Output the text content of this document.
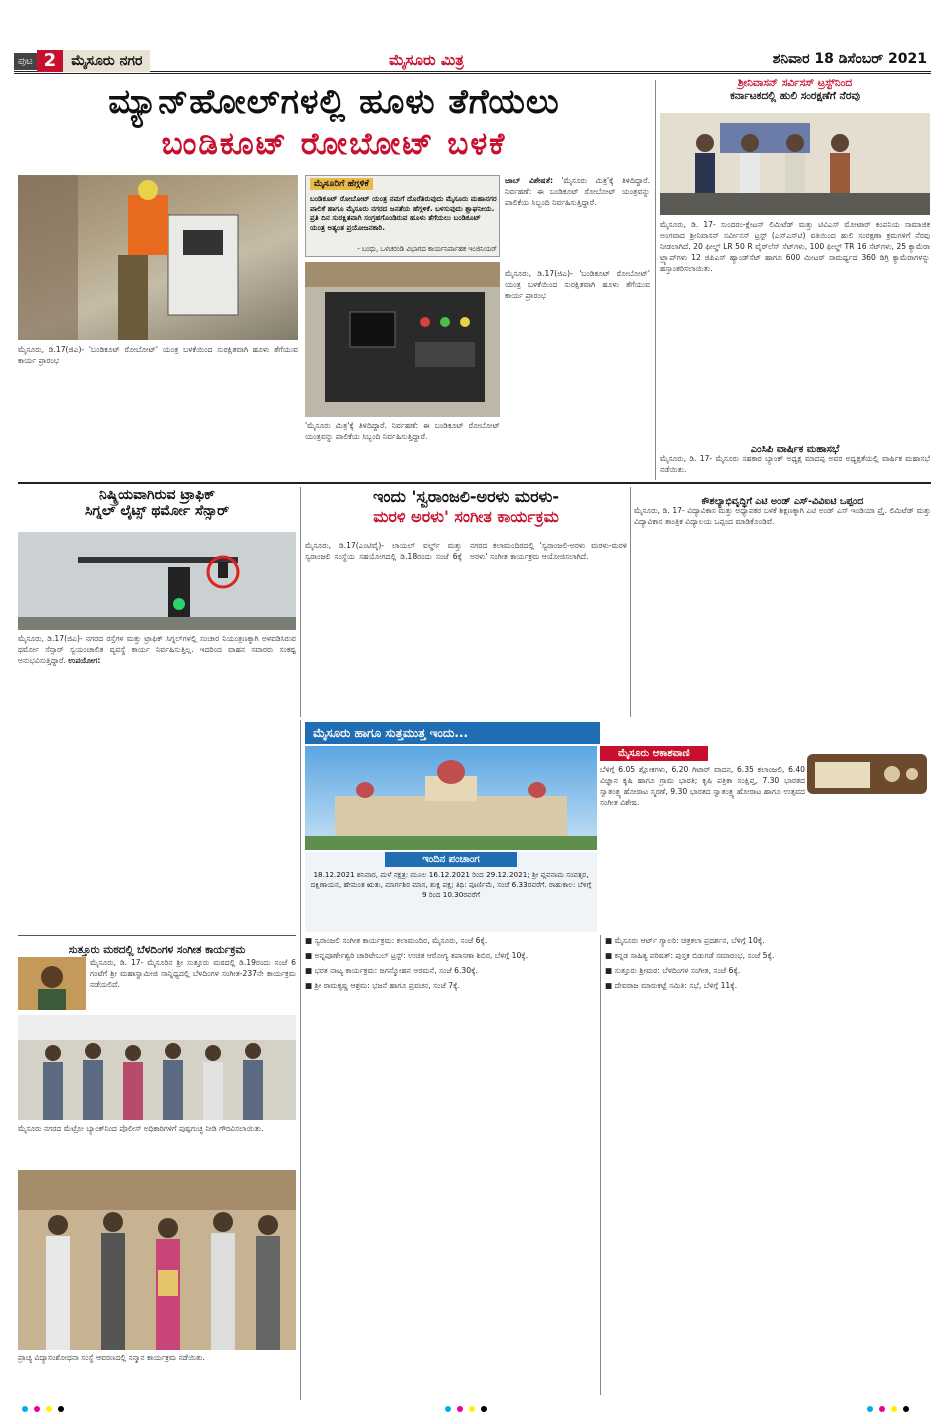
ಪುಟ 2	ಮೈಸೂರು ನಗರ	ಮೈಸೂರು ಮಿತ್ರ	ಶನಿವಾರ 18 ಡಿಸೆಂಬರ್ 2021
ಮ್ಯಾನ್‌ಹೋಲ್‌ಗಳಲ್ಲಿ ಹೂಳು ತೆಗೆಯಲು
ಬಂಡಿಕೂಟ್ ರೋಬೋಟ್ ಬಳಕೆ
ಮೈಸೂರಿಗೆ ಹೆಗ್ಗಳಿಕೆ
ಬಂಡಿಕೂಟ್ ರೋಬೋಟ್ ಯಂತ್ರ ನಮಗೆ ದೊರೆತಿರುವುದು ಮೈಸೂರು ಮಹಾನಗರ ಪಾಲಿಕೆ ಹಾಗೂ ಮೈಸೂರು ನಗರದ ಜನತೆಯ ಹೆಗ್ಗಳಿಕೆ. ಬಳಸುವುದು ಶ್ಲಾಘನೀಯ. ಪ್ರತಿ ದಿನ ಸುರಕ್ಷಿತವಾಗಿ ಸಂಗ್ರಹಗೊಂಡಿರುವ ಹೂಳು ತೆಗೆಯಲು ಬಂಡಿಕೂಟ್ ಯಂತ್ರ ಅತ್ಯಂತ ಪ್ರಯೋಜನಕಾರಿ.
- ಬಂಧು, ಒಳಚರಂಡಿ ವಿಭಾಗದ ಕಾರ್ಯನಿರ್ವಾಹಕ ಇಂಜಿನಿಯರ್
ಜಾಬ್ ವಿಶೇಷತೆ: 'ಮೈಸೂರು ಮಿತ್ರ'ಕ್ಕೆ ತಿಳಿದಿದ್ದಾರೆ. ನಿರ್ವಹಣೆ: ಈ ಬಂಡಿಕೂಟ್ ರೋಬೋಟ್ ಯಂತ್ರವನ್ನು ಪಾಲಿಕೆಯ ಸಿಬ್ಬಂದಿ ನಿರ್ವಹಿಸುತ್ತಿದ್ದಾರೆ.
ಮೈಸೂರು, ಡಿ.17(ಜಿಎ)- 'ಬಂಡಿಕೂಟ್ ರೋಬೋಟ್' ಯಂತ್ರ ಬಳಕೆಯಿಂದ ಸುರಕ್ಷಿತವಾಗಿ ಹೂಳು ತೆಗೆಯುವ ಕಾರ್ಯ ಪ್ರಾರಂಭ
ಮೈಸೂರು, ಡಿ.17(ಜಿಎ)- 'ಬಂಡಿಕೂಟ್ ರೋಬೋಟ್' ಯಂತ್ರ ಬಳಕೆಯಿಂದ ಸುರಕ್ಷಿತವಾಗಿ ಹೂಳು ತೆಗೆಯುವ ಕಾರ್ಯ ಪ್ರಾರಂಭ
'ಮೈಸೂರು ಮಿತ್ರ'ಕ್ಕೆ ತಿಳಿದಿದ್ದಾರೆ. ನಿರ್ವಹಣೆ: ಈ ಬಂಡಿಕೂಟ್ ರೋಬೋಟ್ ಯಂತ್ರವನ್ನು ಪಾಲಿಕೆಯ ಸಿಬ್ಬಂದಿ ನಿರ್ವಹಿಸುತ್ತಿದ್ದಾರೆ.
ಶ್ರೀನಿವಾಸನ್ ಸರ್ವಿಸಸ್ ಟ್ರಸ್ಟ್‌ನಿಂದ
ಕರ್ನಾಟಕದಲ್ಲಿ ಹುಲಿ ಸಂರಕ್ಷಣೆಗೆ ನೆರವು
ಮೈಸೂರು, ಡಿ. 17- ಸುಂದರಂ-ಕ್ಲೇಟನ್ ಲಿಮಿಟೆಡ್ ಮತ್ತು ಟಿವಿಎಸ್ ಮೋಟಾರ್ ಕಂಪನಿಯ ಸಾಮಾಜಿಕ ಅಂಗವಾದ ಶ್ರೀನಿವಾಸನ್ ಸರ್ವೀಸಸ್ ಟ್ರಸ್ಟ್ (ಎಸ್‌ಎಸ್‌ಟಿ) ವತಿಯಿಂದ ಹುಲಿ ಸಂರಕ್ಷಣಾ ಕ್ರಮಗಳಿಗೆ ನೆರವು ನೀಡಲಾಗಿದೆ. 20 ಫೀಲ್ಡ್ LR 50 R ವೈರ್‌ಲೆಸ್ ಸೆಟ್‌ಗಳು, 100 ಫೀಲ್ಡ್ TR 16 ಸೆಟ್‌ಗಳು, 25 ಕ್ಯಾಮೆರಾ ಟ್ರ್ಯಾಪ್‌ಗಳು 12 ಜಿಪಿಎಸ್ ಹ್ಯಾಂಡ್‌ಸೆಟ್ ಹಾಗೂ 600 ಮೀಟರ್ ಸಾಮರ್ಥ್ಯದ 360 ಡಿಗ್ರಿ ಕ್ಯಾಮೆರಾಗಳನ್ನು ಹಸ್ತಾಂತರಿಸಲಾಯಿತು.
ಎಂಸಿಪಿ ವಾರ್ಷಿಕ ಮಹಾಸಭೆ
ಮೈಸೂರು, ಡಿ. 17- ಮೈಸೂರು ಸಹಕಾರ ಬ್ಯಾಂಕ್ ಅಧ್ಯಕ್ಷ ಮಾದಪ್ಪ ಅವರ ಅಧ್ಯಕ್ಷತೆಯಲ್ಲಿ ವಾರ್ಷಿಕ ಮಹಾಸಭೆ ನಡೆಯಿತು.
ನಿಷ್ಕ್ರಿಯವಾಗಿರುವ ಟ್ರಾಫಿಕ್
ಸಿಗ್ನಲ್ ಲೈಟ್ಸ್ ಥರ್ಮೋ ಸೆನ್ಸಾರ್
ಮೈಸೂರು, ಡಿ.17(ಜಿಎ)- ನಗರದ ರಸ್ತೆಗಳ ಮತ್ತು ಟ್ರಾಫಿಕ್ ಸಿಗ್ನಲ್‌ಗಳಲ್ಲಿ ಸಂಚಾರ ನಿಯಂತ್ರಣಕ್ಕಾಗಿ ಅಳವಡಿಸಿರುವ ಥರ್ಮೋ ಸೆನ್ಸಾರ್ ಸ್ವಯಂಚಾಲಿತ ವ್ಯವಸ್ಥೆ ಕಾರ್ಯ ನಿರ್ವಹಿಸುತ್ತಿಲ್ಲ. ಇದರಿಂದ ವಾಹನ ಸವಾರರು ಸಂಕಷ್ಟ ಅನುಭವಿಸುತ್ತಿದ್ದಾರೆ. ಉಪಯೋಗ:
ಇಂದು 'ಸ್ವರಾಂಜಲಿ-ಅರಳು ಮರಳು-
ಮರಳಿ ಅರಳು' ಸಂಗೀತ ಕಾರ್ಯಕ್ರಮ
ಮೈಸೂರು, ಡಿ.17(ಎಂಟಿವೈ)- ಲಾಯಲ್ ವರ್ಲ್ಡ್ ಮತ್ತು ಸ್ವರಾಂಜಲಿ ಸಂಸ್ಥೆಯ ಸಹಯೋಗದಲ್ಲಿ ಡಿ.18ರಂದು ಸಂಜೆ 6ಕ್ಕೆ ನಗರದ ಕಲಾಮಂದಿರದಲ್ಲಿ 'ಸ್ವರಾಂಜಲಿ-ಅರಳು ಮರಳು-ಮರಳಿ ಅರಳು' ಸಂಗೀತ ಕಾರ್ಯಕ್ರಮ ಆಯೋಜಿಸಲಾಗಿದೆ.
ಕೌಶಲ್ಯಾಭಿವೃದ್ಧಿಗೆ ಎಟಿ ಅಂಡ್ ಎಸ್-ವಿವಿಐಟಿ ಒಪ್ಪಂದ
ಮೈಸೂರು, ಡಿ. 17- ವಿದ್ಯಾವಿಕಾಸ ಮತ್ತು ಅಧ್ಯಾಪಕರ ಬಳಕೆ ಶಿಕ್ಷಣಕ್ಕಾಗಿ ಎಟಿ ಅಂಡ್ ಎಸ್ ಇಂಡಿಯಾ ಪ್ರೈ. ಲಿಮಿಟೆಡ್ ಮತ್ತು ವಿದ್ಯಾವಿಕಾಸ ತಾಂತ್ರಿಕ ವಿದ್ಯಾಲಯ ಒಪ್ಪಂದ ಮಾಡಿಕೊಂಡಿವೆ.
ಸುತ್ತೂರು ಮಠದಲ್ಲಿ ಬೆಳದಿಂಗಳ ಸಂಗೀತ ಕಾರ್ಯಕ್ರಮ
ಮೈಸೂರು, ಡಿ. 17- ಮೈಸೂರಿನ ಶ್ರೀ ಸುತ್ತೂರು ಮಠದಲ್ಲಿ ಡಿ.19ರಂದು ಸಂಜೆ 6 ಗಂಟೆಗೆ ಶ್ರೀ ಮಹಾಸ್ವಾಮೀಜಿ ಸಾನ್ನಿಧ್ಯದಲ್ಲಿ ಬೆಳದಿಂಗಳ ಸಂಗೀತ-237ನೇ ಕಾರ್ಯಕ್ರಮ ನಡೆಯಲಿದೆ.
ಮೈಸೂರು ನಗರದ ಮೆಟ್ರೋ ಬ್ಯಾಂಕ್‌ನಿಂದ ಪೊಲೀಸ್ ಅಧಿಕಾರಿಗಳಿಗೆ ಪುಷ್ಪಗುಚ್ಛ ನೀಡಿ ಗೌರವಿಸಲಾಯಿತು.
ಪ್ರಾಚ್ಯ ವಿದ್ಯಾಸಂಶೋಧನಾ ಸಂಸ್ಥೆ ಆವರಣದಲ್ಲಿ ಸನ್ಮಾನ ಕಾರ್ಯಕ್ರಮ ನಡೆಯಿತು.
ಮೈಸೂರು ಹಾಗೂ ಸುತ್ತಮುತ್ತ ಇಂದು...
ಮೈಸೂರು ಆಕಾಶವಾಣಿ
ಬೆಳಿಗ್ಗೆ 6.05 ಶ್ಲೋಕಗಳು, 6.20 ಗಿಟಾರ್ ವಾದನ, 6.35 ಕಲಾಂಜಲಿ, 6.40 ವಿಜ್ಞಾನ ಕೃಷಿ ಹಾಗೂ ಗ್ರಾಮ ಭಾರತಿ; ಕೃಷಿ ಪತ್ರಿಕಾ ಸಂಕ್ಷಿಪ್ತ, 7.30 ಭಾರತದ ಸ್ವಾತಂತ್ರ್ಯ ಹೋರಾಟ ಸ್ಮರಣೆ, 9.30 ಭಾರತದ ಸ್ವಾತಂತ್ರ್ಯ ಹೋರಾಟ ಹಾಗೂ ಉತ್ಸವದ ಸಂಗೀತ ವಿಶೇಷ.
ಇಂದಿನ ಪಂಚಾಂಗ
18.12.2021 ಶನಿವಾರ, ಮಳೆ ನಕ್ಷತ್ರ: ಮೂಲ 16.12.2021 ರಿಂದ 29.12.2021; ಶ್ರೀ ಪ್ಲವನಾಮ ಸಂವತ್ಸರ, ದಕ್ಷಿಣಾಯನ, ಹೇಮಂತ ಋತು, ಮಾರ್ಗಶಿರ ಮಾಸ, ಶುಕ್ಲ ಪಕ್ಷ; ತಿಥಿ: ಪೂರ್ಣಿಮೆ, ಸಂಜೆ 6.33ರವರೆಗೆ. ರಾಹುಕಾಲ: ಬೆಳಿಗ್ಗೆ 9 ರಿಂದ 10.30ರವರೆಗೆ
■ ಸ್ವರಾಂಜಲಿ ಸಂಗೀತ ಕಾರ್ಯಕ್ರಮ: ಕಲಾಮಂದಿರ, ಮೈಸೂರು, ಸಂಜೆ 6ಕ್ಕೆ.
■ ಅನ್ನಪೂರ್ಣೇಶ್ವರಿ ಚಾರಿಟೇಬಲ್ ಟ್ರಸ್ಟ್: ಉಚಿತ ಆರೋಗ್ಯ ತಪಾಸಣಾ ಶಿಬಿರ, ಬೆಳಿಗ್ಗೆ 10ಕ್ಕೆ.
■ ಭರತ ನಾಟ್ಯ ಕಾರ್ಯಕ್ರಮ: ಜಗನ್ಮೋಹನ ಅರಮನೆ, ಸಂಜೆ 6.30ಕ್ಕೆ.
■ ಶ್ರೀ ರಾಮಕೃಷ್ಣ ಆಶ್ರಮ: ಭಜನೆ ಹಾಗೂ ಪ್ರವಚನ, ಸಂಜೆ 7ಕ್ಕೆ.
■ ಮೈಸೂರು ಆರ್ಟ್ ಗ್ಯಾಲರಿ: ಚಿತ್ರಕಲಾ ಪ್ರದರ್ಶನ, ಬೆಳಿಗ್ಗೆ 10ಕ್ಕೆ.
■ ಕನ್ನಡ ಸಾಹಿತ್ಯ ಪರಿಷತ್: ಪುಸ್ತಕ ಬಿಡುಗಡೆ ಸಮಾರಂಭ, ಸಂಜೆ 5ಕ್ಕೆ.
■ ಸುತ್ತೂರು ಶ್ರೀಮಠ: ಬೆಳದಿಂಗಳ ಸಂಗೀತ, ಸಂಜೆ 6ಕ್ಕೆ.
■ ದೇವರಾಜ ಮಾರುಕಟ್ಟೆ ಸಮಿತಿ: ಸಭೆ, ಬೆಳಿಗ್ಗೆ 11ಕ್ಕೆ.
